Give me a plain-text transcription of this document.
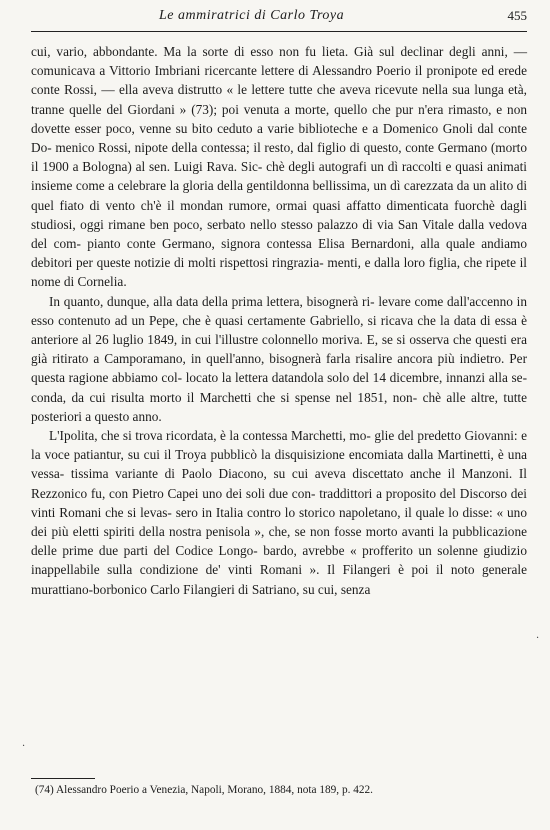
Le ammiratrici di Carlo Troya	455

cui, vario, abbondante. Ma la sorte di esso non fu lieta. Già sul declinar degli anni, — comunicava a Vittorio Imbriani ricercante lettere di Alessandro Poerio il pronipote ed erede conte Rossi, — ella aveva distrutto « le lettere tutte che aveva ricevute nella sua lunga età, tranne quelle del Giordani » (73); poi venuta a morte, quello che pur n'era rimasto, e non dovette esser poco, venne su bito ceduto a varie biblioteche e a Domenico Gnoli dal conte Do- menico Rossi, nipote della contessa; il resto, dal figlio di questo, conte Germano (morto il 1900 a Bologna) al sen. Luigi Rava. Sic- chè degli autografi un dì raccolti e quasi animati insieme come a celebrare la gloria della gentildonna bellissima, un dì carezzata da un alito di quel fiato di vento ch'è il mondan rumore, ormai quasi affatto dimenticata fuorchè dagli studiosi, oggi rimane ben poco, serbato nello stesso palazzo di via San Vitale dalla vedova del com- pianto conte Germano, signora contessa Elisa Bernardoni, alla quale andiamo debitori per queste notizie di molti rispettosi ringrazia- menti, e dalla loro figlia, che ripete il nome di Cornelia.

In quanto, dunque, alla data della prima lettera, bisognerà ri- levare come dall'accenno in esso contenuto ad un Pepe, che è quasi certamente Gabriello, si ricava che la data di essa è anteriore al 26 luglio 1849, in cui l'illustre colonnello moriva. E, se si osserva che questi era già ritirato a Camporamano, in quell'anno, bisognerà farla risalire ancora più indietro. Per questa ragione abbiamo col- locato la lettera datandola solo del 14 dicembre, innanzi alla se- conda, da cui risulta morto il Marchetti che si spense nel 1851, non- chè alle altre, tutte posteriori a questo anno.

L'Ipolita, che si trova ricordata, è la contessa Marchetti, mo- glie del predetto Giovanni: e la voce patiantur, su cui il Troya pubblicò la disquisizione encomiata dalla Martinetti, è una vessa- tissima variante di Paolo Diacono, su cui aveva discettato anche il Manzoni. Il Rezzonico fu, con Pietro Capei uno dei soli due con- traddittori a proposito del Discorso dei vinti Romani che si levas- sero in Italia contro lo storico napoletano, il quale lo disse: « uno dei più eletti spiriti della nostra penisola », che, se non fosse morto avanti la pubblicazione delle prime due parti del Codice Longo- bardo, avrebbe « profferito un solenne giudizio inappellabile sulla condizione de' vinti Romani ». Il Filangeri è poi il noto generale murattiano-borbonico Carlo Filangieri di Satriano, su cui, senza

·
·
(74) Alessandro Poerio a Venezia, Napoli, Morano, 1884, nota 189, p. 422.
